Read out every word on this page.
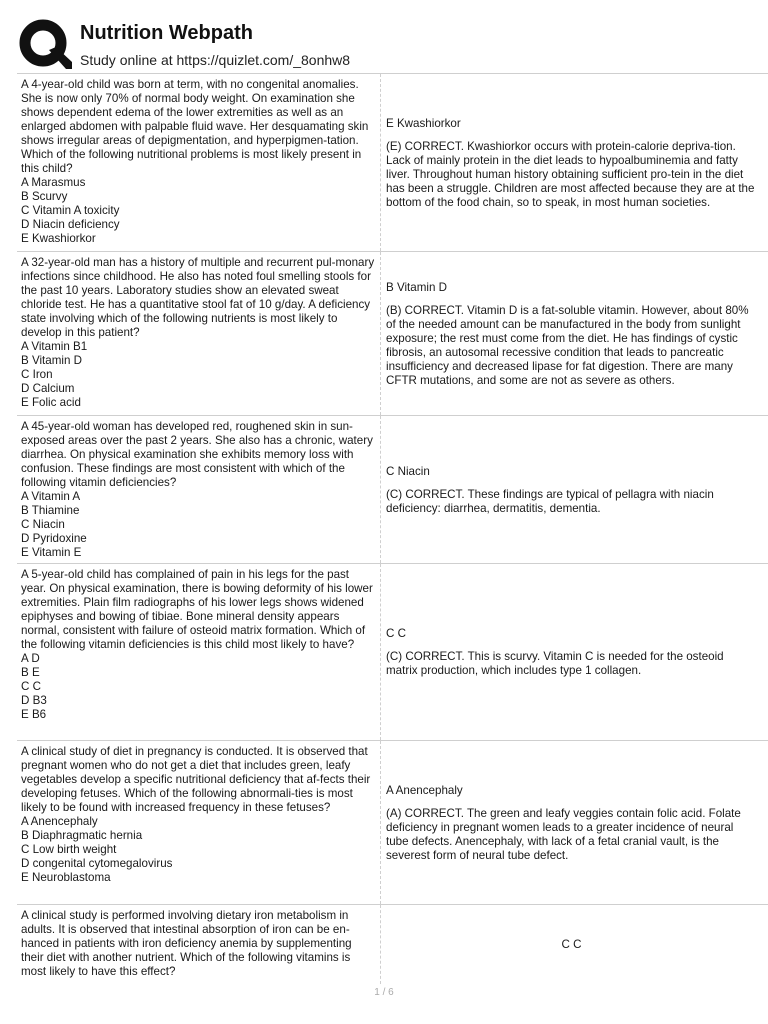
Nutrition Webpath
Study online at https://quizlet.com/_8onhw8

A 4-year-old child was born at term, with no congenital anomalies. She is now only 70% of normal body weight. On examination she shows dependent edema of the lower extremities as well as an enlarged abdomen with palpable fluid wave. Her desquamating skin shows irregular areas of depigmentation, and hyperpigmen-tation. Which of the following nutritional problems is most likely present in this child?

A Marasmus

B Scurvy

C Vitamin A toxicity

D Niacin deficiency

E Kwashiorkor

E Kwashiorkor

(E) CORRECT. Kwashiorkor occurs with protein-calorie depriva-tion. Lack of mainly protein in the diet leads to hypoalbuminemia and fatty liver. Throughout human history obtaining sufficient pro-tein in the diet has been a struggle. Children are most affected because they are at the bottom of the food chain, so to speak, in most human societies.

A 32-year-old man has a history of multiple and recurrent pul-monary infections since childhood. He also has noted foul smelling stools for the past 10 years. Laboratory studies show an elevated sweat chloride test. He has a quantitative stool fat of 10 g/day. A deficiency state involving which of the following nutrients is most likely to develop in this patient?

A Vitamin B1

B Vitamin D

C Iron

D Calcium

E Folic acid

B Vitamin D

(B) CORRECT. Vitamin D is a fat-soluble vitamin. However, about 80% of the needed amount can be manufactured in the body from sunlight exposure; the rest must come from the diet. He has findings of cystic fibrosis, an autosomal recessive condition that leads to pancreatic insufficiency and decreased lipase for fat digestion. There are many CFTR mutations, and some are not as severe as others.

A 45-year-old woman has developed red, roughened skin in sun-exposed areas over the past 2 years. She also has a chronic, watery diarrhea. On physical examination she exhibits memory loss with confusion. These findings are most consistent with which of the following vitamin deficiencies?

A Vitamin A

B Thiamine

C Niacin

D Pyridoxine

E Vitamin E

C Niacin

(C) CORRECT. These findings are typical of pellagra with niacin deficiency: diarrhea, dermatitis, dementia.

A 5-year-old child has complained of pain in his legs for the past year. On physical examination, there is bowing deformity of his lower extremities. Plain film radiographs of his lower legs shows widened epiphyses and bowing of tibiae. Bone mineral density appears normal, consistent with failure of osteoid matrix formation. Which of the following vitamin deficiencies is this child most likely to have?

A D

B E

C C

D B3

E B6

C C

(C) CORRECT. This is scurvy. Vitamin C is needed for the osteoid matrix production, which includes type 1 collagen.

A clinical study of diet in pregnancy is conducted. It is observed that pregnant women who do not get a diet that includes green, leafy vegetables develop a specific nutritional deficiency that af-fects their developing fetuses. Which of the following abnormali-ties is most likely to be found with increased frequency in these fetuses?

A Anencephaly

B Diaphragmatic hernia

C Low birth weight

D congenital cytomegalovirus

E Neuroblastoma

A Anencephaly

(A) CORRECT. The green and leafy veggies contain folic acid. Folate deficiency in pregnant women leads to a greater incidence of neural tube defects. Anencephaly, with lack of a fetal cranial vault, is the severest form of neural tube defect.

A clinical study is performed involving dietary iron metabolism in adults. It is observed that intestinal absorption of iron can be en-hanced in patients with iron deficiency anemia by supplementing their diet with another nutrient. Which of the following vitamins is most likely to have this effect?

C C

1 / 6
